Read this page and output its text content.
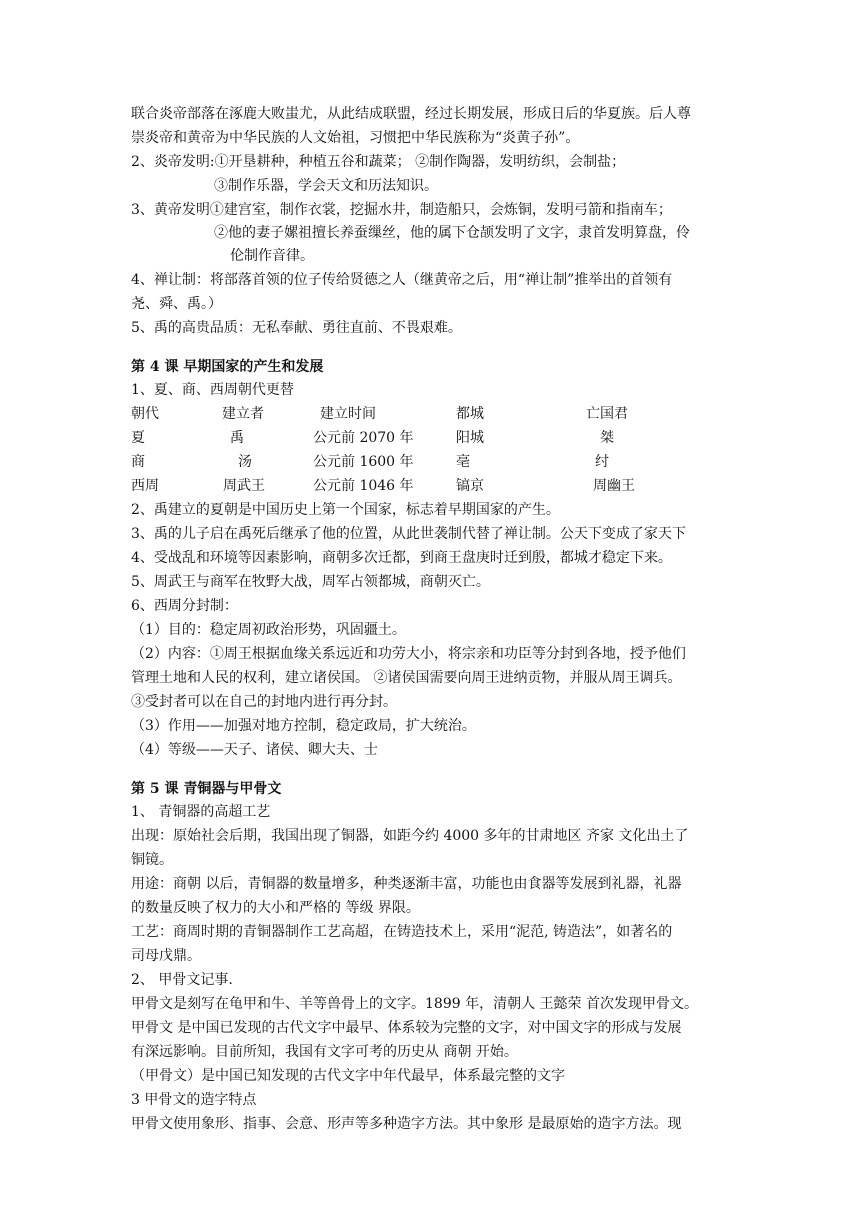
联合炎帝部落在涿鹿大败蚩尤，从此结成联盟，经过长期发展，形成日后的华夏族。后人尊
崇炎帝和黄帝为中华民族的人文始祖，习惯把中华民族称为“炎黄子孙”。
2、炎帝发明:①开垦耕种，种植五谷和蔬菜； ②制作陶器，发明纺织，会制盐；
③制作乐器，学会天文和历法知识。
3、黄帝发明①建宫室，制作衣裳，挖掘水井，制造船只，会炼铜，发明弓箭和指南车；
②他的妻子嫘祖擅长养蚕缫丝，他的属下仓颉发明了文字，隶首发明算盘，伶
伦制作音律。
4、禅让制：将部落首领的位子传给贤德之人（继黄帝之后，用“禅让制”推举出的首领有
尧、舜、禹。）
5、禹的高贵品质：无私奉献、勇往直前、不畏艰难。
第 4 课 早期国家的产生和发展
1、夏、商、西周朝代更替
朝代	建立者	建立时间	都城	亡国君
夏	禹	公元前 2070 年	阳城	桀
商	汤	公元前 1600 年	亳	纣
西周	周武王	公元前 1046 年	镐京	周幽王
2、禹建立的夏朝是中国历史上第一个国家，标志着早期国家的产生。
3、禹的儿子启在禹死后继承了他的位置，从此世袭制代替了禅让制。公天下变成了家天下
4、受战乱和环境等因素影响，商朝多次迁都，到商王盘庚时迁到殷，都城才稳定下来。
5、周武王与商军在牧野大战，周军占领都城，商朝灭亡。
6、西周分封制：
（1）目的：稳定周初政治形势，巩固疆土。
（2）内容：①周王根据血缘关系远近和功劳大小，将宗亲和功臣等分封到各地，授予他们
管理土地和人民的权利，建立诸侯国。 ②诸侯国需要向周王进纳贡物，并服从周王调兵。
③受封者可以在自己的封地内进行再分封。
（3）作用——加强对地方控制，稳定政局，扩大统治。
（4）等级——天子、诸侯、卿大夫、士
第 5 课 青铜器与甲骨文
1、 青铜器的高超工艺
出现：原始社会后期，我国出现了铜器，如距今约 4000 多年的甘肃地区 齐家 文化出土了
铜镜。
用途：商朝 以后，青铜器的数量增多，种类逐渐丰富，功能也由食器等发展到礼器，礼器
的数量反映了权力的大小和严格的 等级 界限。
工艺：商周时期的青铜器制作工艺高超，在铸造技术上，采用“泥范, 铸造法”，如著名的
司母戊鼎。
2、 甲骨文记事.
甲骨文是刻写在龟甲和牛、羊等兽骨上的文字。1899 年，清朝人 王懿荣 首次发现甲骨文。
甲骨文 是中国已发现的古代文字中最早、体系较为完整的文字，对中国文字的形成与发展
有深远影响。目前所知，我国有文字可考的历史从 商朝 开始。
（甲骨文）是中国已知发现的古代文字中年代最早，体系最完整的文字
3 甲骨文的造字特点
甲骨文使用象形、指事、会意、形声等多种造字方法。其中象形 是最原始的造字方法。现
